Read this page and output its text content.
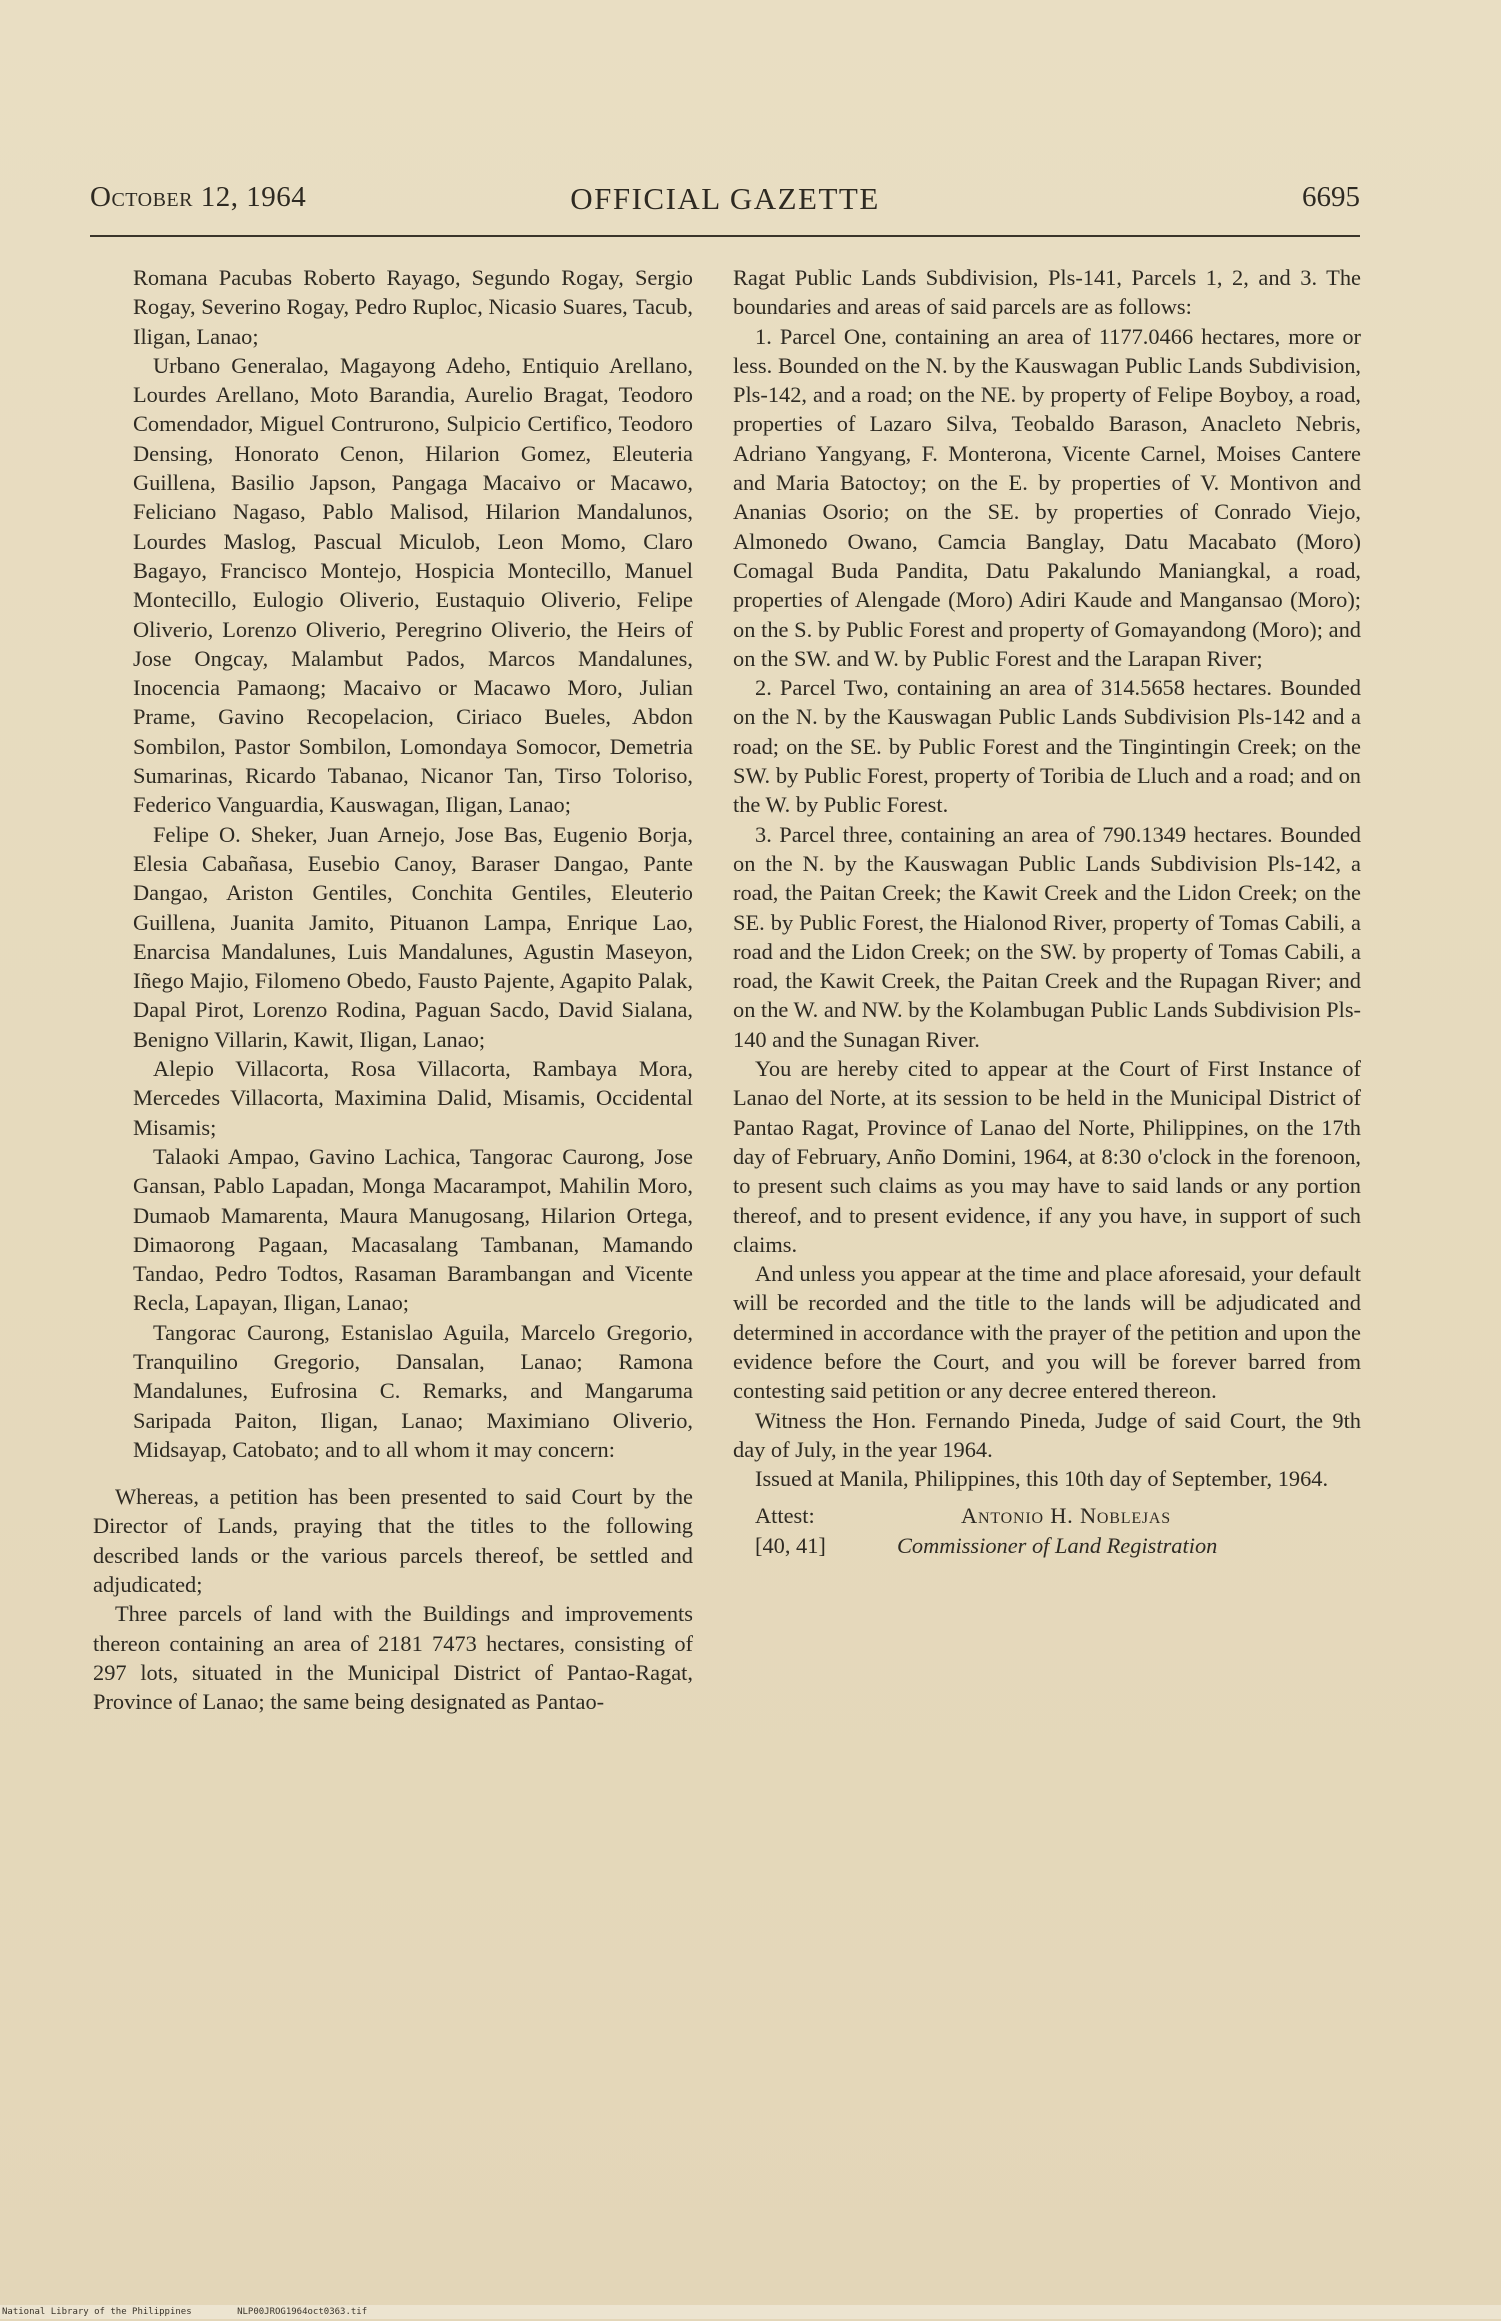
October 12, 1964	OFFICIAL GAZETTE	6695

Romana Pacubas Roberto Rayago, Segundo Rogay, Sergio Rogay, Severino Rogay, Pedro Ruploc, Nicasio Suares, Tacub, Iligan, Lanao;

Urbano Generalao, Magayong Adeho, Entiquio Arellano, Lourdes Arellano, Moto Barandia, Aurelio Bragat, Teodoro Comendador, Miguel Contrurono, Sulpicio Certifico, Teodoro Densing, Honorato Cenon, Hilarion Gomez, Eleuteria Guillena, Basilio Japson, Pangaga Macaivo or Macawo, Feliciano Nagaso, Pablo Malisod, Hilarion Mandalunos, Lourdes Maslog, Pascual Miculob, Leon Momo, Claro Bagayo, Francisco Montejo, Hospicia Montecillo, Manuel Montecillo, Eulogio Oliverio, Eustaquio Oliverio, Felipe Oliverio, Lorenzo Oliverio, Peregrino Oliverio, the Heirs of Jose Ongcay, Malambut Pados, Marcos Mandalunes, Inocencia Pamaong; Macaivo or Macawo Moro, Julian Prame, Gavino Recopelacion, Ciriaco Bueles, Abdon Sombilon, Pastor Sombilon, Lomondaya Somocor, Demetria Sumarinas, Ricardo Tabanao, Nicanor Tan, Tirso Toloriso, Federico Vanguardia, Kauswagan, Iligan, Lanao;

Felipe O. Sheker, Juan Arnejo, Jose Bas, Eugenio Borja, Elesia Cabañasa, Eusebio Canoy, Baraser Dangao, Pante Dangao, Ariston Gentiles, Conchita Gentiles, Eleuterio Guillena, Juanita Jamito, Pituanon Lampa, Enrique Lao, Enarcisa Mandalunes, Luis Mandalunes, Agustin Maseyon, Iñego Majio, Filomeno Obedo, Fausto Pajente, Agapito Palak, Dapal Pirot, Lorenzo Rodina, Paguan Sacdo, David Sialana, Benigno Villarin, Kawit, Iligan, Lanao;

Alepio Villacorta, Rosa Villacorta, Rambaya Mora, Mercedes Villacorta, Maximina Dalid, Misamis, Occidental Misamis;

Talaoki Ampao, Gavino Lachica, Tangorac Caurong, Jose Gansan, Pablo Lapadan, Monga Macarampot, Mahilin Moro, Dumaob Mamarenta, Maura Manugosang, Hilarion Ortega, Dimaorong Pagaan, Macasalang Tambanan, Mamando Tandao, Pedro Todtos, Rasaman Barambangan and Vicente Recla, Lapayan, Iligan, Lanao;

Tangorac Caurong, Estanislao Aguila, Marcelo Gregorio, Tranquilino Gregorio, Dansalan, Lanao; Ramona Mandalunes, Eufrosina C. Remarks, and Mangaruma Saripada Paiton, Iligan, Lanao; Maximiano Oliverio, Midsayap, Catobato; and to all whom it may concern:

Whereas, a petition has been presented to said Court by the Director of Lands, praying that the titles to the following described lands or the various parcels thereof, be settled and adjudicated;

Three parcels of land with the Buildings and improvements thereon containing an area of 2181 7473 hectares, consisting of 297 lots, situated in the Municipal District of Pantao-Ragat, Province of Lanao; the same being designated as Pantao-

Ragat Public Lands Subdivision, Pls-141, Parcels 1, 2, and 3. The boundaries and areas of said parcels are as follows:

1. Parcel One, containing an area of 1177.0466 hectares, more or less. Bounded on the N. by the Kauswagan Public Lands Subdivision, Pls-142, and a road; on the NE. by property of Felipe Boyboy, a road, properties of Lazaro Silva, Teobaldo Barason, Anacleto Nebris, Adriano Yangyang, F. Monterona, Vicente Carnel, Moises Cantere and Maria Batoctoy; on the E. by properties of V. Montivon and Ananias Osorio; on the SE. by properties of Conrado Viejo, Almonedo Owano, Camcia Banglay, Datu Macabato (Moro) Comagal Buda Pandita, Datu Pakalundo Maniangkal, a road, properties of Alengade (Moro) Adiri Kaude and Mangansao (Moro); on the S. by Public Forest and property of Gomayandong (Moro); and on the SW. and W. by Public Forest and the Larapan River;

2. Parcel Two, containing an area of 314.5658 hectares. Bounded on the N. by the Kauswagan Public Lands Subdivision Pls-142 and a road; on the SE. by Public Forest and the Tingintingin Creek; on the SW. by Public Forest, property of Toribia de Lluch and a road; and on the W. by Public Forest.

3. Parcel three, containing an area of 790.1349 hectares. Bounded on the N. by the Kauswagan Public Lands Subdivision Pls-142, a road, the Paitan Creek; the Kawit Creek and the Lidon Creek; on the SE. by Public Forest, the Hialonod River, property of Tomas Cabili, a road and the Lidon Creek; on the SW. by property of Tomas Cabili, a road, the Kawit Creek, the Paitan Creek and the Rupagan River; and on the W. and NW. by the Kolambugan Public Lands Subdivision Pls-140 and the Sunagan River.

You are hereby cited to appear at the Court of First Instance of Lanao del Norte, at its session to be held in the Municipal District of Pantao Ragat, Province of Lanao del Norte, Philippines, on the 17th day of February, Anño Domini, 1964, at 8:30 o'clock in the forenoon, to present such claims as you may have to said lands or any portion thereof, and to present evidence, if any you have, in support of such claims.

And unless you appear at the time and place aforesaid, your default will be recorded and the title to the lands will be adjudicated and determined in accordance with the prayer of the petition and upon the evidence before the Court, and you will be forever barred from contesting said petition or any decree entered thereon.

Witness the Hon. Fernando Pineda, Judge of said Court, the 9th day of July, in the year 1964.

Issued at Manila, Philippines, this 10th day of September, 1964.

Attest:	Antonio H. Noblejas
[40, 41]	Commissioner of Land Registration
National Library of the Philippines	NLP00JROG1964oct0363.tif
